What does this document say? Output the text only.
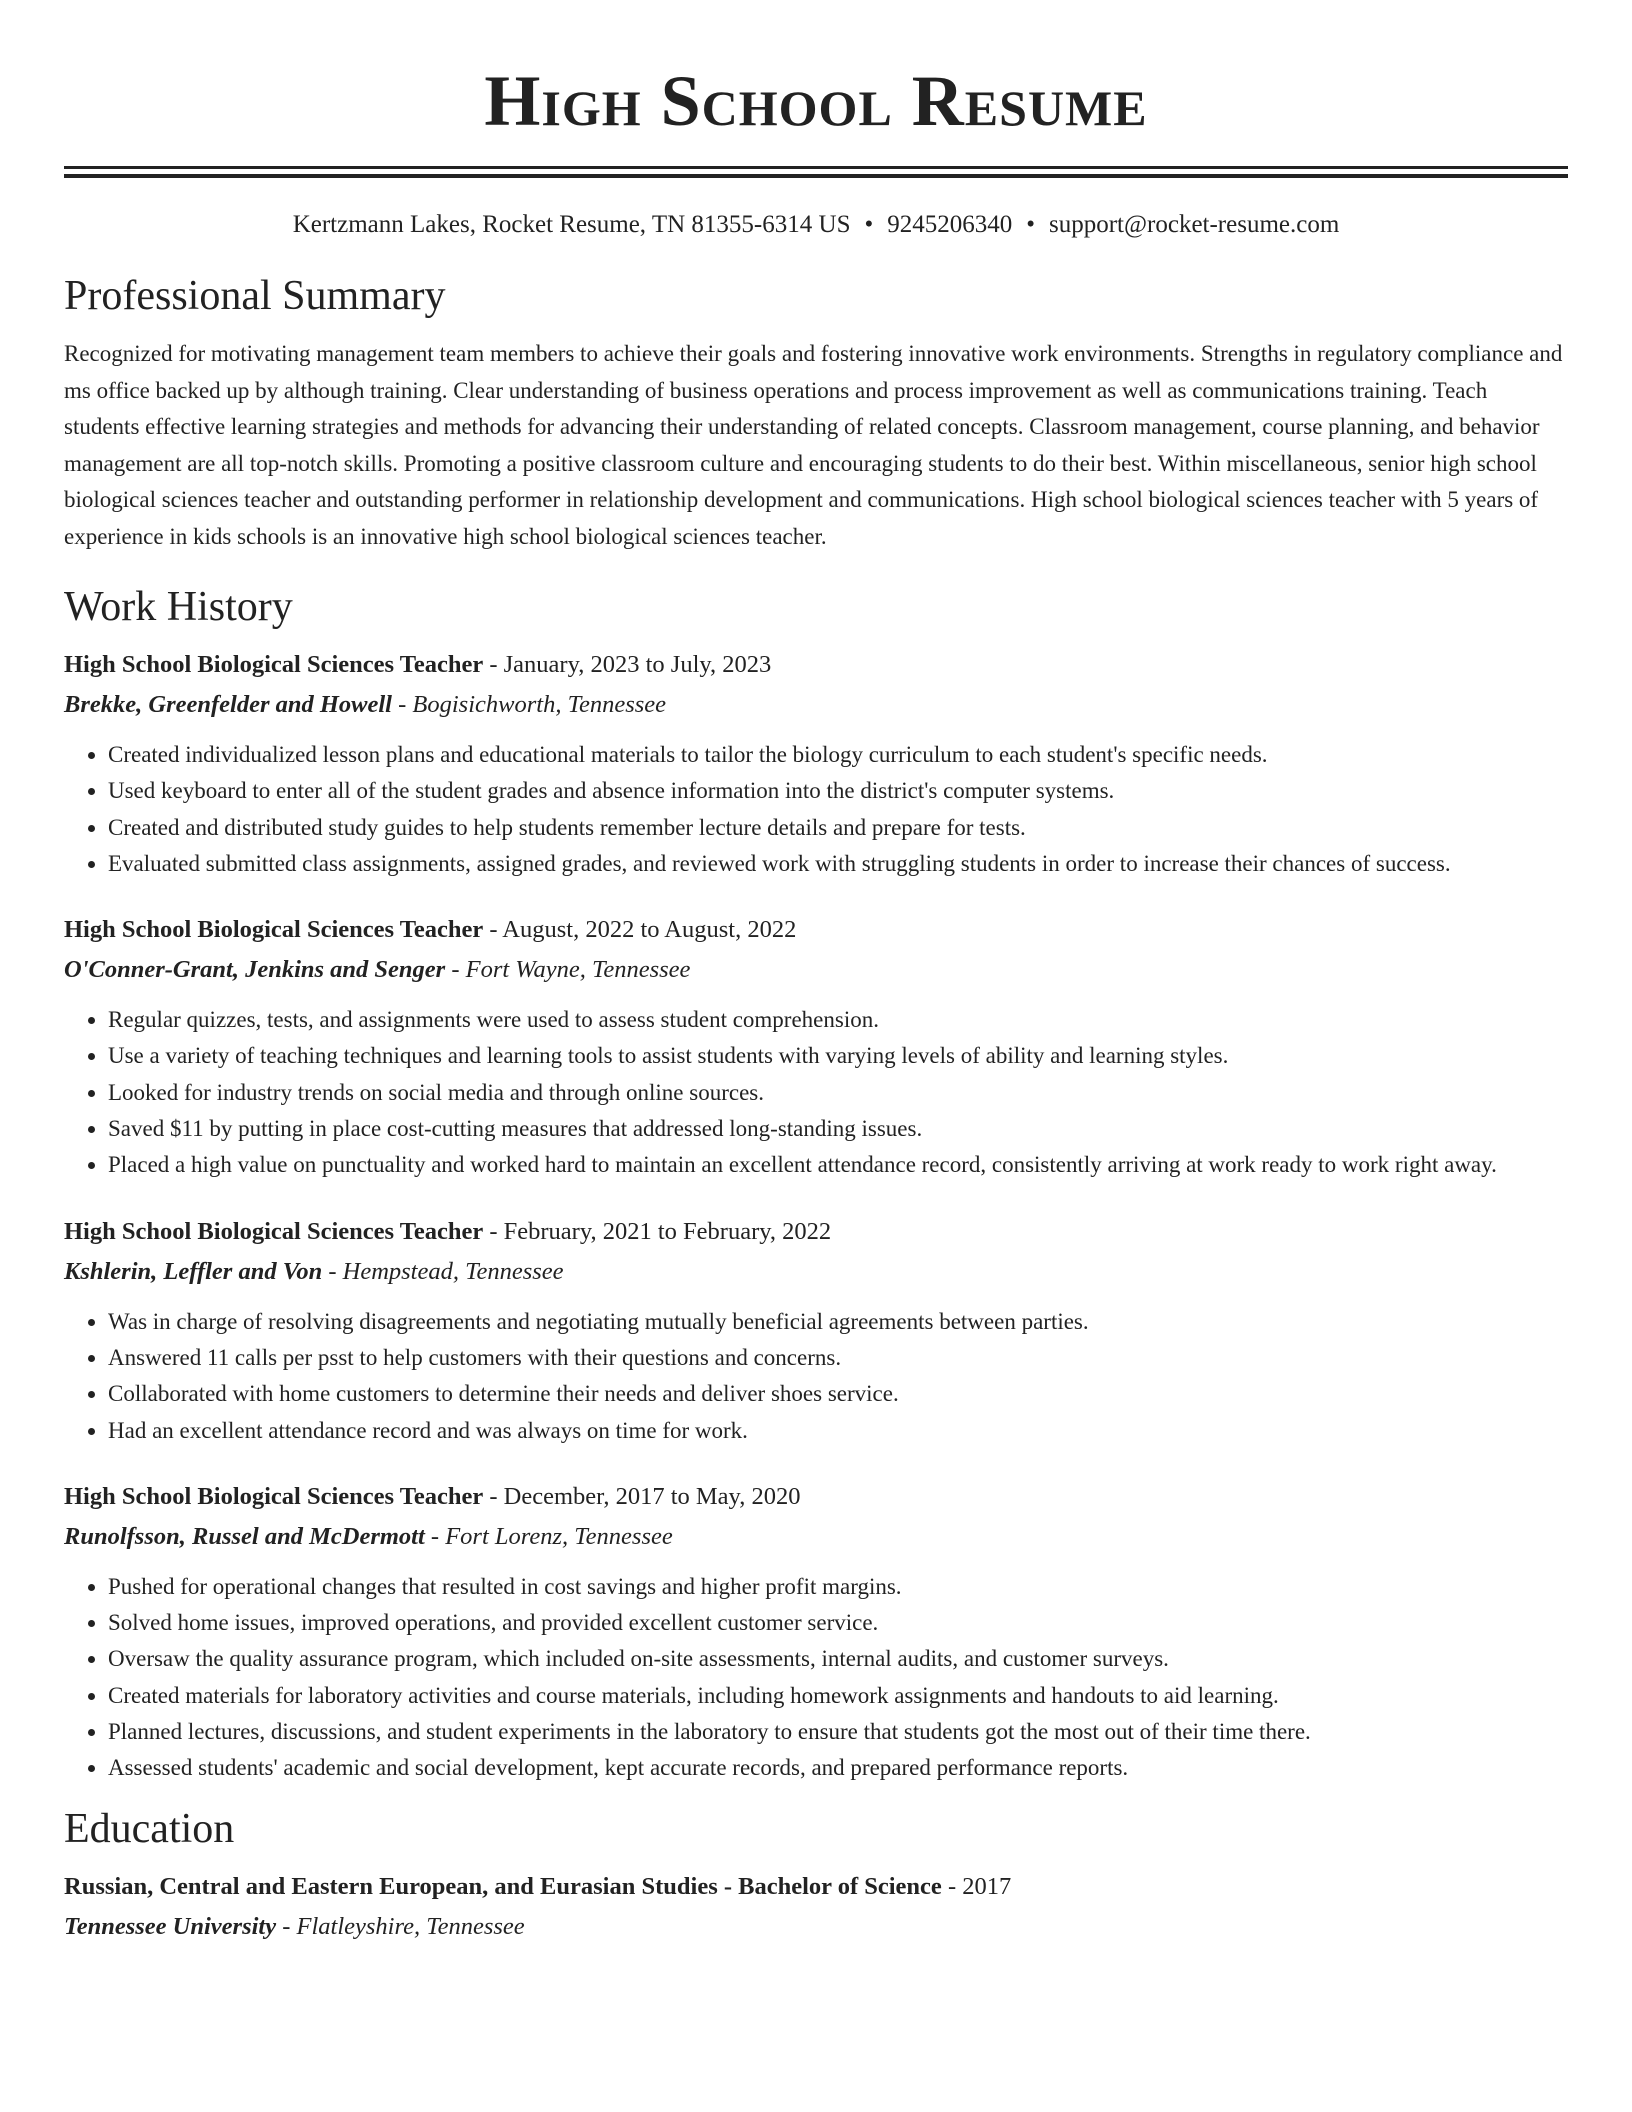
High School Resume
Kertzmann Lakes, Rocket Resume, TN 81355-6314 US • 9245206340 • support@rocket-resume.com
Professional Summary

Recognized for motivating management team members to achieve their goals and fostering innovative work environments. Strengths in regulatory compliance and ms office backed up by although training. Clear understanding of business operations and process improvement as well as communications training. Teach students effective learning strategies and methods for advancing their understanding of related concepts. Classroom management, course planning, and behavior management are all top-notch skills. Promoting a positive classroom culture and encouraging students to do their best. Within miscellaneous, senior high school biological sciences teacher and outstanding performer in relationship development and communications. High school biological sciences teacher with 5 years of experience in kids schools is an innovative high school biological sciences teacher.

Work History
High School Biological Sciences Teacher - January, 2023 to July, 2023
Brekke, Greenfelder and Howell - Bogisichworth, Tennessee
• Created individualized lesson plans and educational materials to tailor the biology curriculum to each student's specific needs.
• Used keyboard to enter all of the student grades and absence information into the district's computer systems.
• Created and distributed study guides to help students remember lecture details and prepare for tests.
• Evaluated submitted class assignments, assigned grades, and reviewed work with struggling students in order to increase their chances of success.
High School Biological Sciences Teacher - August, 2022 to August, 2022
O'Conner-Grant, Jenkins and Senger - Fort Wayne, Tennessee
• Regular quizzes, tests, and assignments were used to assess student comprehension.
• Use a variety of teaching techniques and learning tools to assist students with varying levels of ability and learning styles.
• Looked for industry trends on social media and through online sources.
• Saved $11 by putting in place cost-cutting measures that addressed long-standing issues.
• Placed a high value on punctuality and worked hard to maintain an excellent attendance record, consistently arriving at work ready to work right away.
High School Biological Sciences Teacher - February, 2021 to February, 2022
Kshlerin, Leffler and Von - Hempstead, Tennessee
• Was in charge of resolving disagreements and negotiating mutually beneficial agreements between parties.
• Answered 11 calls per psst to help customers with their questions and concerns.
• Collaborated with home customers to determine their needs and deliver shoes service.
• Had an excellent attendance record and was always on time for work.
High School Biological Sciences Teacher - December, 2017 to May, 2020
Runolfsson, Russel and McDermott - Fort Lorenz, Tennessee
• Pushed for operational changes that resulted in cost savings and higher profit margins.
• Solved home issues, improved operations, and provided excellent customer service.
• Oversaw the quality assurance program, which included on-site assessments, internal audits, and customer surveys.
• Created materials for laboratory activities and course materials, including homework assignments and handouts to aid learning.
• Planned lectures, discussions, and student experiments in the laboratory to ensure that students got the most out of their time there.
• Assessed students' academic and social development, kept accurate records, and prepared performance reports.
Education
Russian, Central and Eastern European, and Eurasian Studies - Bachelor of Science - 2017
Tennessee University - Flatleyshire, Tennessee
